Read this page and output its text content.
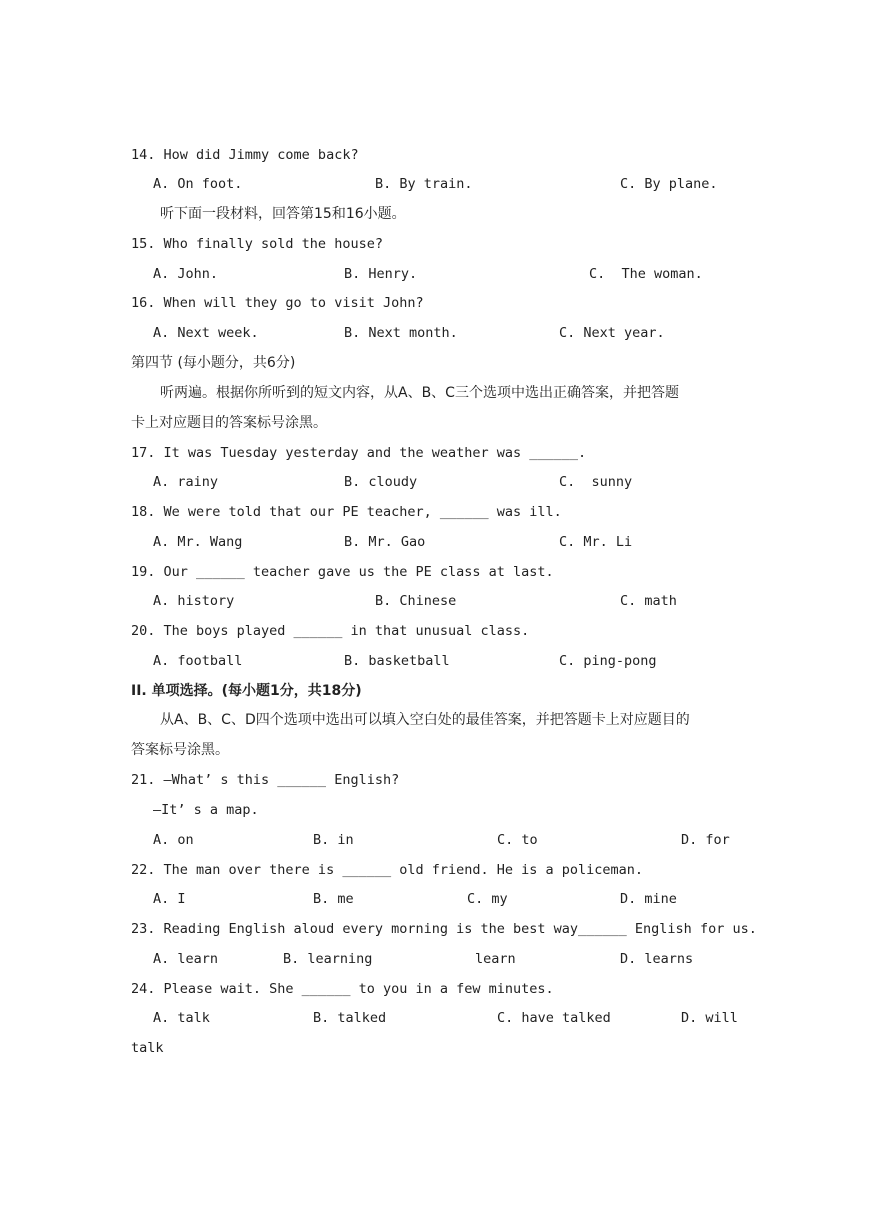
14. How did Jimmy come back?
A. On foot.	B. By train.	C. By plane.
听下面一段材料，回答第15和16小题。
15. Who finally sold the house?
A. John.	B. Henry.	C.  The woman.
16. When will they go to visit John?
A. Next week.	B. Next month.	C. Next year.
第四节 (每小题分，共6分)
听两遍。根据你所听到的短文内容，从A、B、C三个选项中选出正确答案，并把答题
卡上对应题目的答案标号涂黑。
17. It was Tuesday yesterday and the weather was ______.
A. rainy	B. cloudy	C.  sunny
18. We were told that our PE teacher, ______ was ill.
A. Mr. Wang	B. Mr. Gao	C. Mr. Li
19. Our ______ teacher gave us the PE class at last.
A. history	B. Chinese	C. math
20. The boys played ______ in that unusual class.
A. football	B. basketball	C. ping-pong
II. 单项选择。(每小题1分，共18分)
从A、B、C、D四个选项中选出可以填入空白处的最佳答案，并把答题卡上对应题目的
答案标号涂黑。
21. —What’ s this ______ English?
—It’ s a map.
A. on	B. in	C. to	D. for
22. The man over there is ______ old friend. He is a policeman.
A. I	B. me	C. my	D. mine
23. Reading English aloud every morning is the best way______ English for us.
A. learn	B. learning	learn	D. learns
24. Please wait. She ______ to you in a few minutes.
A. talk	B. talked	C. have talked	D. will
talk
